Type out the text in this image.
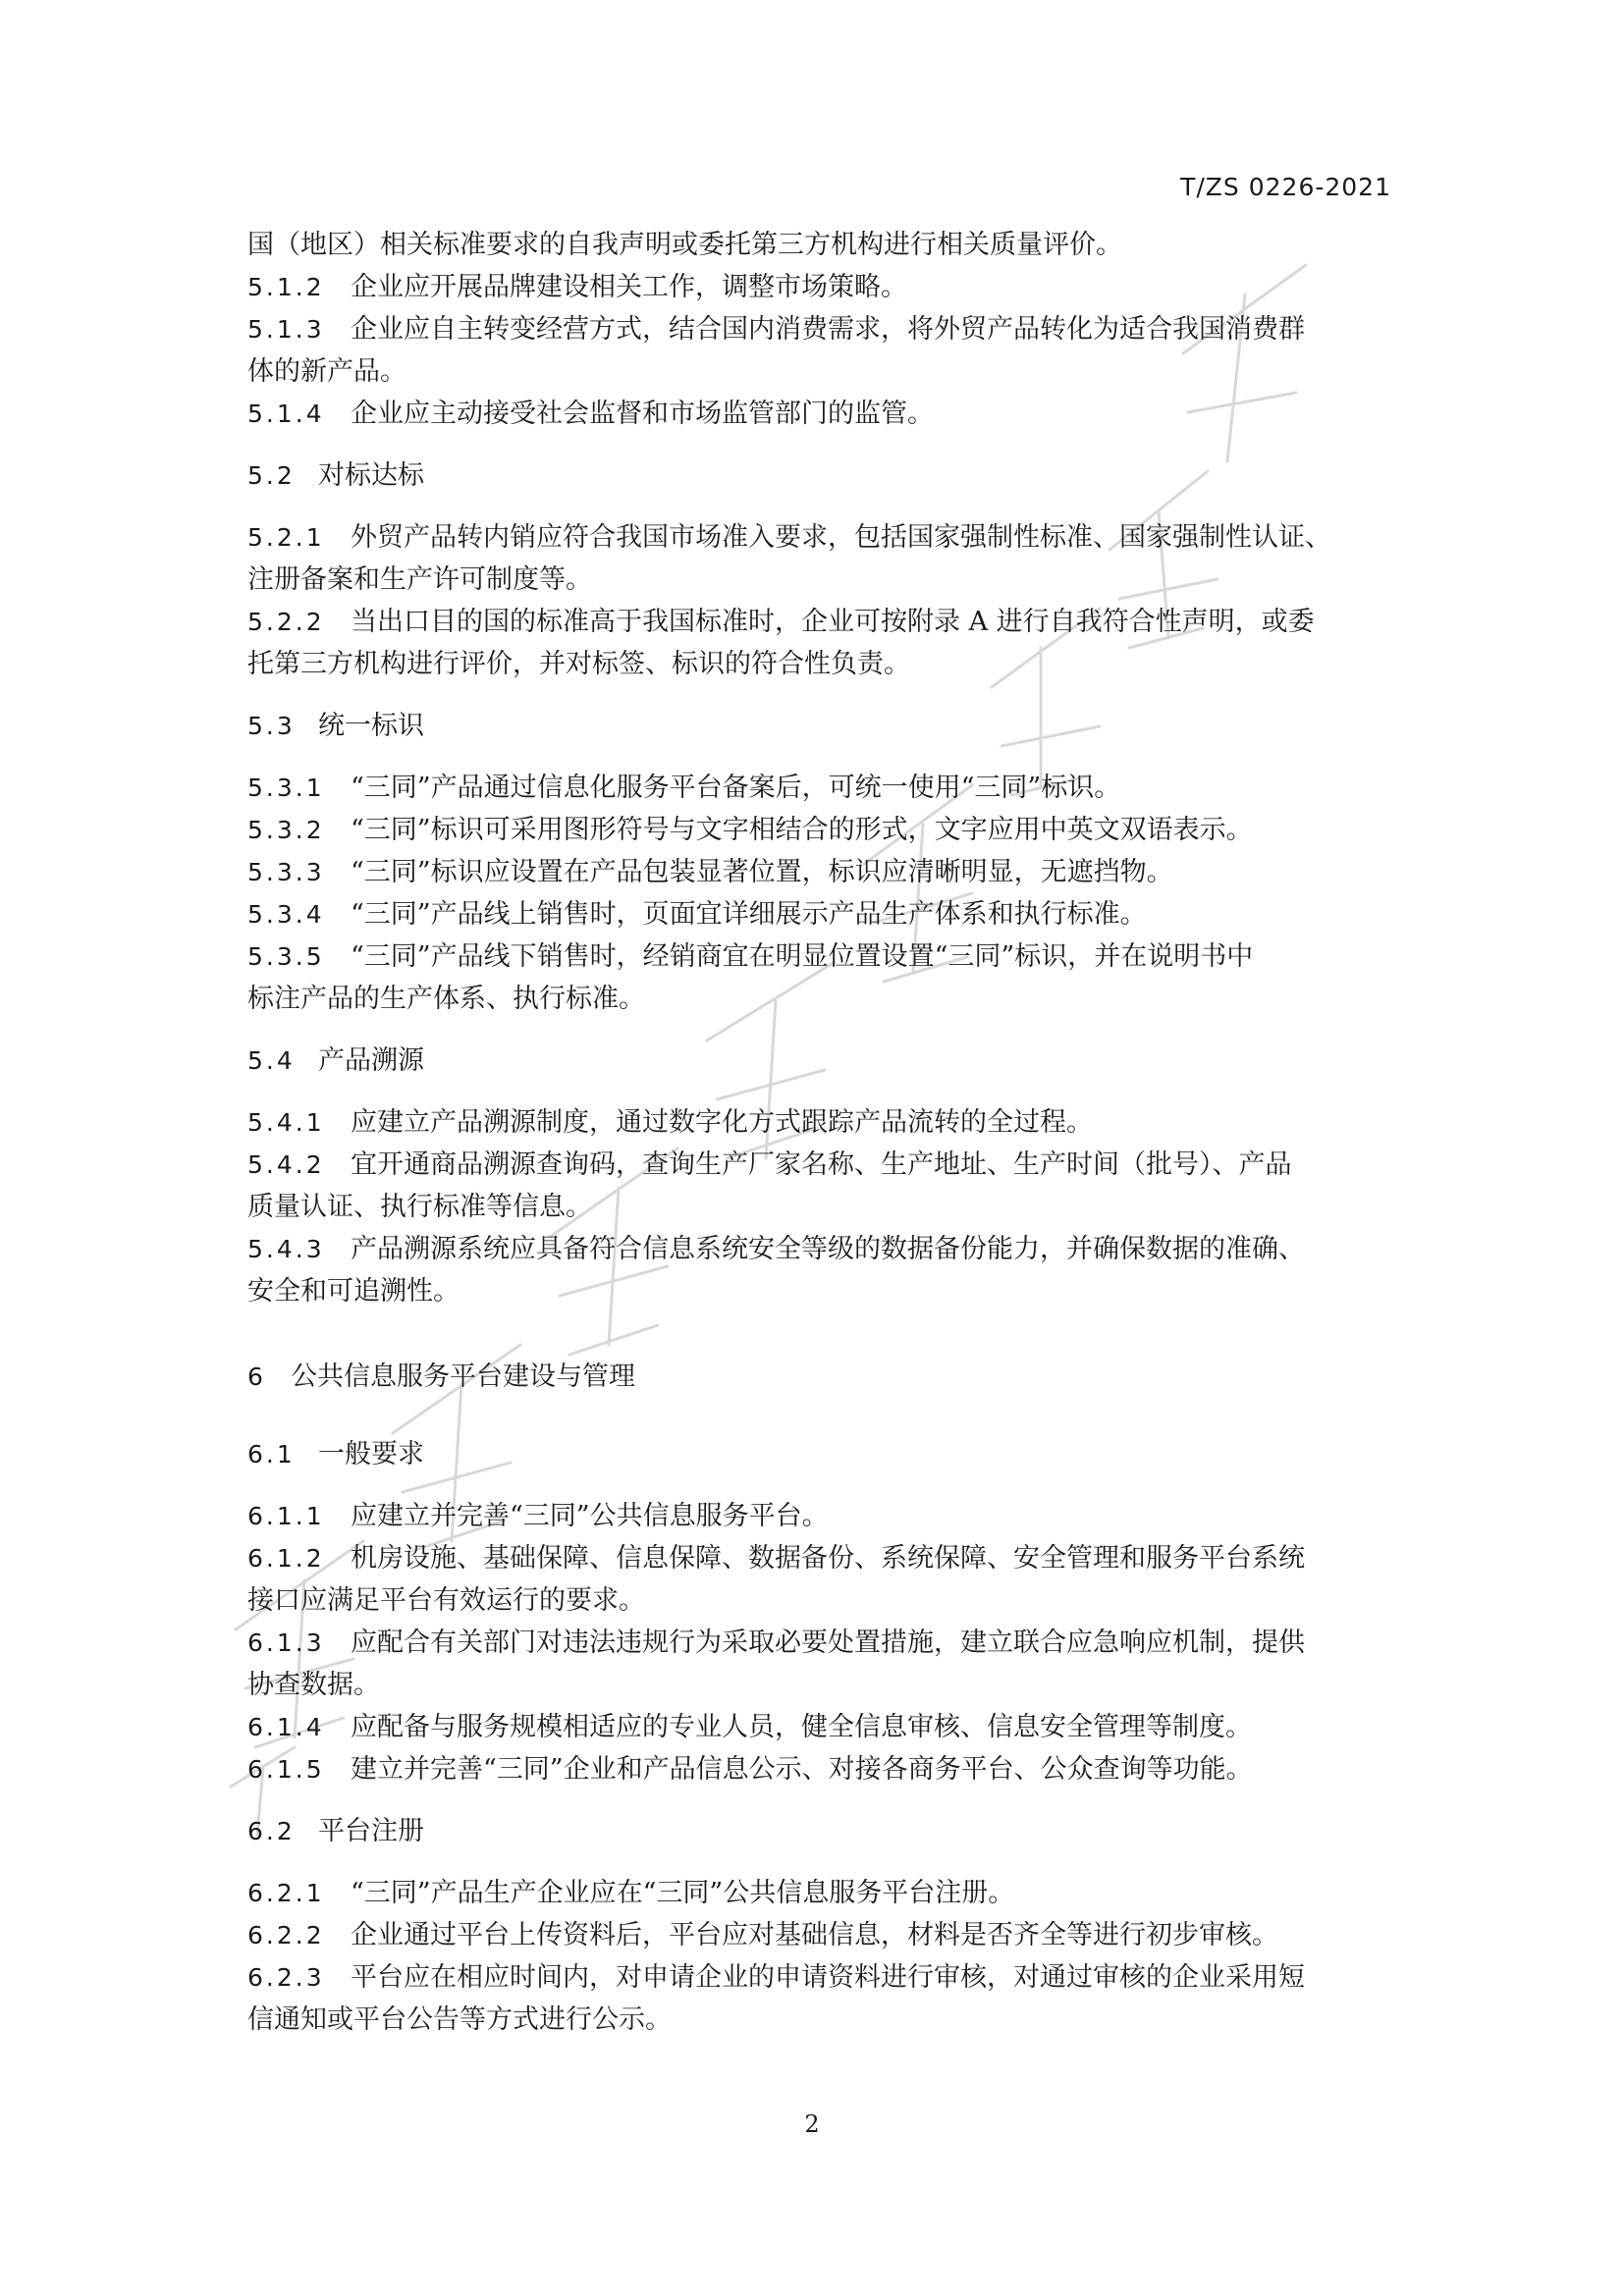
T/ZS 0226-2021

国（地区）相关标准要求的自我声明或委托第三方机构进行相关质量评价。

5.1.2 企业应开展品牌建设相关工作，调整市场策略。

5.1.3 企业应自主转变经营方式，结合国内消费需求，将外贸产品转化为适合我国消费群

体的新产品。

5.1.4 企业应主动接受社会监督和市场监管部门的监管。

5.2 对标达标

5.2.1 外贸产品转内销应符合我国市场准入要求，包括国家强制性标准、国家强制性认证、

注册备案和生产许可制度等。

5.2.2 当出口目的国的标准高于我国标准时，企业可按附录 A 进行自我符合性声明，或委

托第三方机构进行评价，并对标签、标识的符合性负责。

5.3 统一标识

5.3.1 “三同”产品通过信息化服务平台备案后，可统一使用“三同”标识。

5.3.2 “三同”标识可采用图形符号与文字相结合的形式，文字应用中英文双语表示。

5.3.3 “三同”标识应设置在产品包装显著位置，标识应清晰明显，无遮挡物。

5.3.4 “三同”产品线上销售时，页面宜详细展示产品生产体系和执行标准。

5.3.5 “三同”产品线下销售时，经销商宜在明显位置设置“三同”标识，并在说明书中

标注产品的生产体系、执行标准。

5.4 产品溯源

5.4.1 应建立产品溯源制度，通过数字化方式跟踪产品流转的全过程。

5.4.2 宜开通商品溯源查询码，查询生产厂家名称、生产地址、生产时间（批号）、产品

质量认证、执行标准等信息。

5.4.3 产品溯源系统应具备符合信息系统安全等级的数据备份能力，并确保数据的准确、

安全和可追溯性。

6 公共信息服务平台建设与管理

6.1 一般要求

6.1.1 应建立并完善“三同”公共信息服务平台。

6.1.2 机房设施、基础保障、信息保障、数据备份、系统保障、安全管理和服务平台系统

接口应满足平台有效运行的要求。

6.1.3 应配合有关部门对违法违规行为采取必要处置措施，建立联合应急响应机制，提供

协查数据。

6.1.4 应配备与服务规模相适应的专业人员，健全信息审核、信息安全管理等制度。

6.1.5 建立并完善“三同”企业和产品信息公示、对接各商务平台、公众查询等功能。

6.2 平台注册

6.2.1 “三同”产品生产企业应在“三同”公共信息服务平台注册。

6.2.2 企业通过平台上传资料后，平台应对基础信息，材料是否齐全等进行初步审核。

6.2.3 平台应在相应时间内，对申请企业的申请资料进行审核，对通过审核的企业采用短

信通知或平台公告等方式进行公示。

2
